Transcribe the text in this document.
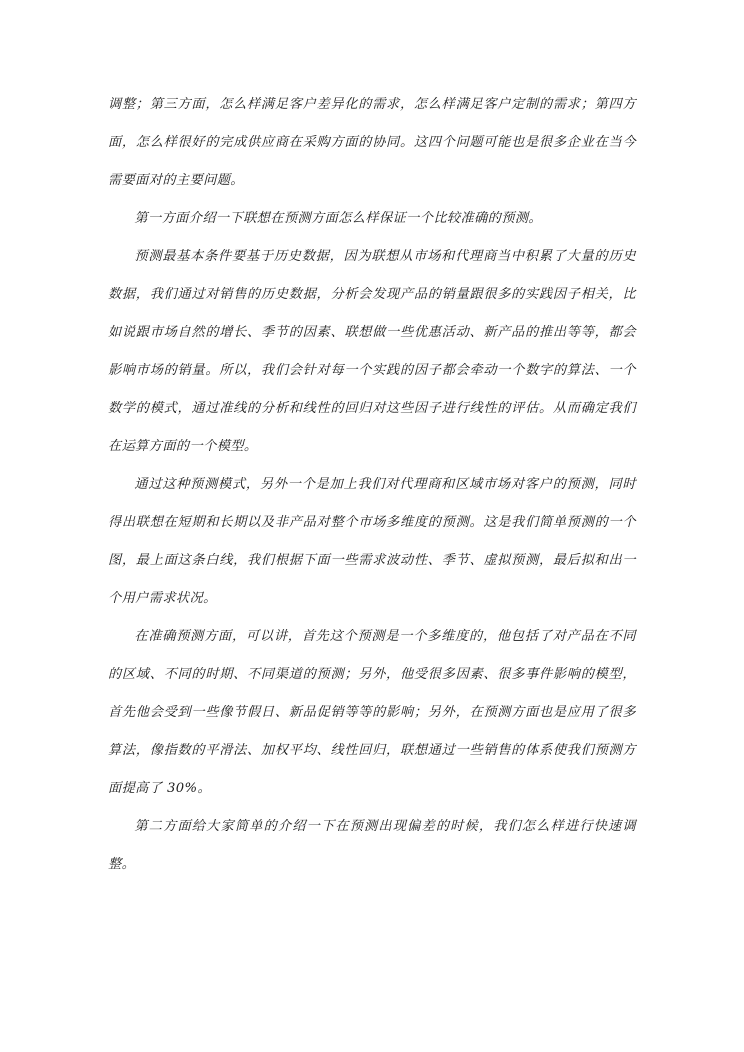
调整；第三方面，怎么样满足客户差异化的需求，怎么样满足客户定制的需求；第四方面，怎么样很好的完成供应商在采购方面的协同。这四个问题可能也是很多企业在当今需要面对的主要问题。

第一方面介绍一下联想在预测方面怎么样保证一个比较准确的预测。

预测最基本条件要基于历史数据，因为联想从市场和代理商当中积累了大量的历史数据，我们通过对销售的历史数据，分析会发现产品的销量跟很多的实践因子相关，比如说跟市场自然的增长、季节的因素、联想做一些优惠活动、新产品的推出等等，都会影响市场的销量。所以，我们会针对每一个实践的因子都会牵动一个数字的算法、一个数学的模式，通过准线的分析和线性的回归对这些因子进行线性的评估。从而确定我们在运算方面的一个模型。

通过这种预测模式，另外一个是加上我们对代理商和区域市场对客户的预测，同时得出联想在短期和长期以及非产品对整个市场多维度的预测。这是我们简单预测的一个图，最上面这条白线，我们根据下面一些需求波动性、季节、虚拟预测，最后拟和出一个用户需求状况。

在准确预测方面，可以讲，首先这个预测是一个多维度的，他包括了对产品在不同的区域、不同的时期、不同渠道的预测；另外，他受很多因素、很多事件影响的模型，首先他会受到一些像节假日、新品促销等等的影响；另外，在预测方面也是应用了很多算法，像指数的平滑法、加权平均、线性回归，联想通过一些销售的体系使我们预测方面提高了 30%。

第二方面给大家简单的介绍一下在预测出现偏差的时候，我们怎么样进行快速调整。
